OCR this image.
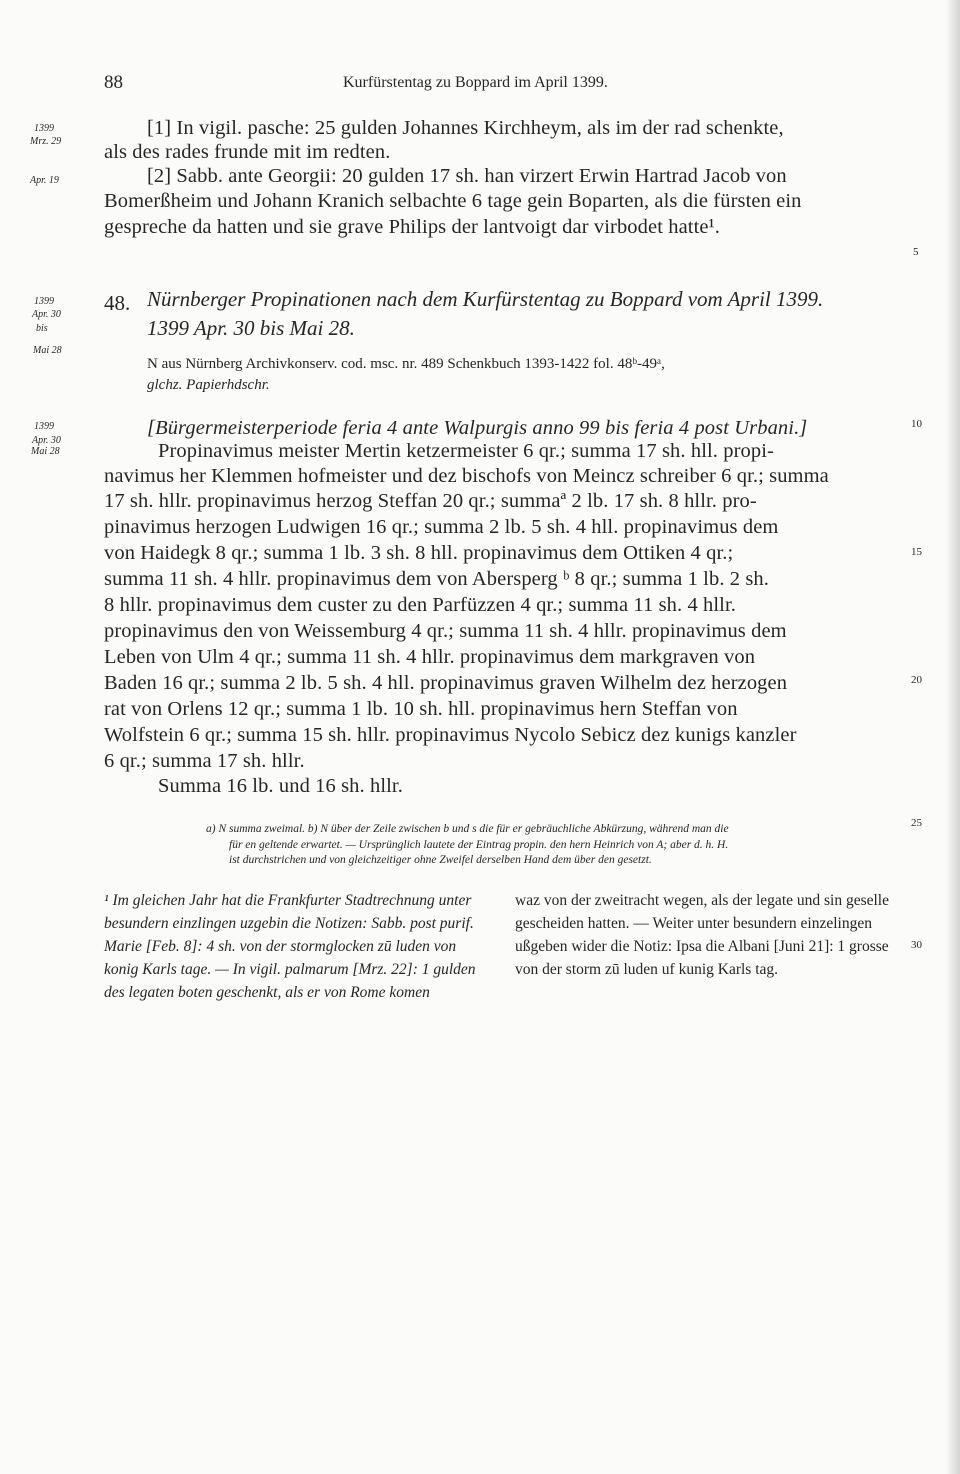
88	Kurfürstentag zu Boppard im April 1399.
1399
Mrz. 29
Apr. 19
[1] In vigil. pasche: 25 gulden Johannes Kirchheym, als im der rad schenkte,
als des rades frunde mit im redten.
[2] Sabb. ante Georgii: 20 gulden 17 sh. han virzert Erwin Hartrad Jacob von
Bomerßheim und Johann Kranich selbachte 6 tage gein Boparten, als die fürsten ein
gespreche da hatten und sie grave Philips der lantvoigt dar virbodet hatte¹.
1399
Apr. 30
bis
Mai 28
48. Nürnberger Propinationen nach dem Kurfürstentag zu Boppard vom April 1399.
1399 Apr. 30 bis Mai 28.
N aus Nürnberg Archivkonserv. cod. msc. nr. 489 Schenkbuch 1393-1422 fol. 48ᵇ-49ᵃ,
glchz. Papierhdschr.
1399
Apr. 30
Mai 28
[Bürgermeisterperiode feria 4 ante Walpurgis anno 99 bis feria 4 post Urbani.]
Propinavimus meister Mertin ketzermeister 6 qr.; summa 17 sh. hll. propi-
navimus her Klemmen hofmeister und dez bischofs von Meincz schreiber 6 qr.; summa
17 sh. hllr. propinavimus herzog Steffan 20 qr.; summaª 2 lb. 17 sh. 8 hllr. pro-
pinavimus herzogen Ludwigen 16 qr.; summa 2 lb. 5 sh. 4 hll. propinavimus dem
von Haidegk 8 qr.; summa 1 lb. 3 sh. 8 hll. propinavimus dem Ottiken 4 qr.;
summa 11 sh. 4 hllr. propinavimus dem von Abersperg ᵇ 8 qr.; summa 1 lb. 2 sh.
8 hllr. propinavimus dem custer zu den Parfüzzen 4 qr.; summa 11 sh. 4 hllr.
propinavimus den von Weissemburg 4 qr.; summa 11 sh. 4 hllr. propinavimus dem
Leben von Ulm 4 qr.; summa 11 sh. 4 hllr. propinavimus dem markgraven von
Baden 16 qr.; summa 2 lb. 5 sh. 4 hll. propinavimus graven Wilhelm dez herzogen
rat von Orlens 12 qr.; summa 1 lb. 10 sh. hll. propinavimus hern Steffan von
Wolfstein 6 qr.; summa 15 sh. hllr. propinavimus Nycolo Sebicz dez kunigs kanzler
6 qr.; summa 17 sh. hllr.
Summa 16 lb. und 16 sh. hllr.
a) N summa zweimal. b) N über der Zeile zwischen b und s die für er gebräuchliche Abkürzung, während man die
für en geltende erwartet. — Ursprünglich lautete der Eintrag propin. den hern Heinrich von A; aber d. h. H.
ist durchstrichen und von gleichzeitiger ohne Zweifel derselben Hand dem über den gesetzt.
¹ Im gleichen Jahr hat die Frankfurter Stadtrechnung unter besundern einzlingen uzgebin die Notizen: Sabb. post purif. Marie [Feb. 8]: 4 sh. von der stormglocken zū luden von konig Karls tage. — In vigil. palmarum [Mrz. 22]: 1 gulden des legaten boten geschenkt, als er von Rome komen
waz von der zweitracht wegen, als der legate und sin geselle gescheiden hatten. — Weiter unter besundern einzelingen ußgeben wider die Notiz: Ipsa die Albani [Juni 21]: 1 grosse von der storm zū luden uf kunig Karls tag.
5
10
15
20
25
30
